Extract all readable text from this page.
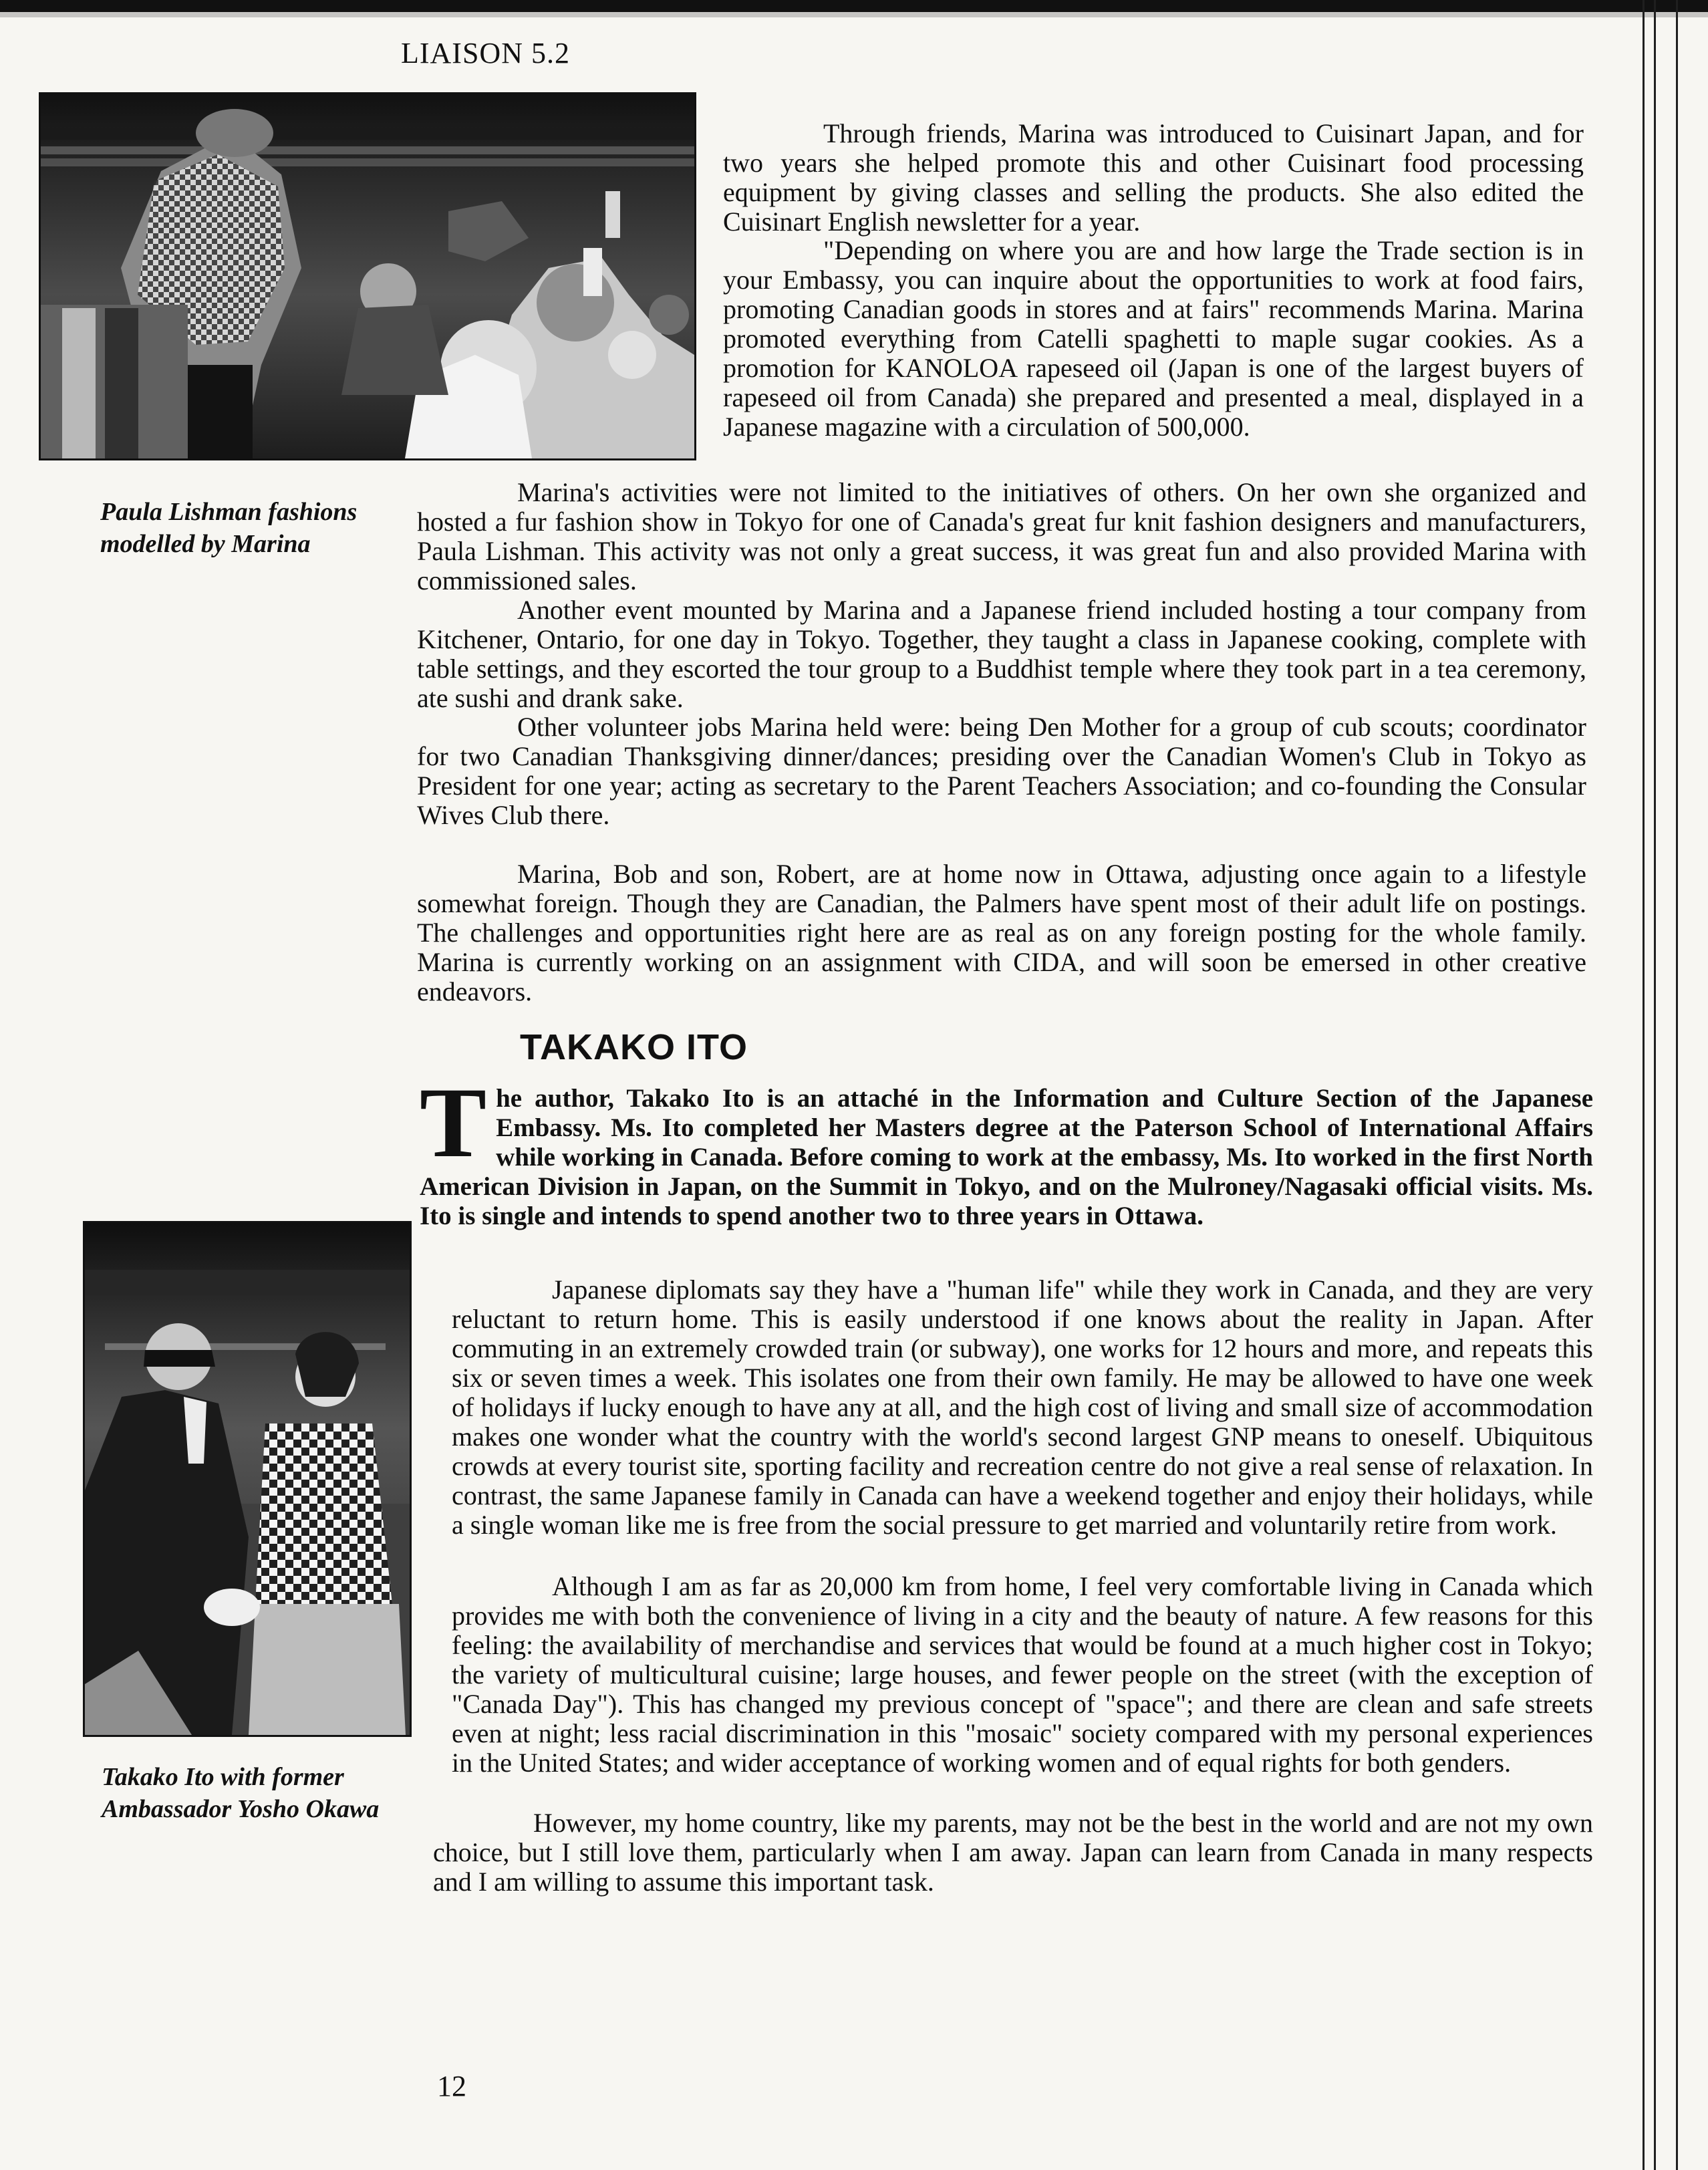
LIAISON 5.2
Paula Lishman fashions modelled by Marina
Through friends, Marina was introduced to Cuisinart Japan, and for two years she helped promote this and other Cuisinart food processing equipment by giving classes and selling the products. She also edited the Cuisinart English newsletter for a year.
"Depending on where you are and how large the Trade section is in your Embassy, you can inquire about the opportunities to work at food fairs, promoting Canadian goods in stores and at fairs" recommends Marina. Marina promoted everything from Catelli spaghetti to maple sugar cookies. As a promotion for KANOLOA rapeseed oil (Japan is one of the largest buyers of rapeseed oil from Canada) she prepared and presented a meal, displayed in a Japanese magazine with a circulation of 500,000.
Marina's activities were not limited to the initiatives of others. On her own she organized and hosted a fur fashion show in Tokyo for one of Canada's great fur knit fashion designers and manufacturers, Paula Lishman. This activity was not only a great success, it was great fun and also provided Marina with commissioned sales.
Another event mounted by Marina and a Japanese friend included hosting a tour company from Kitchener, Ontario, for one day in Tokyo. Together, they taught a class in Japanese cooking, complete with table settings, and they escorted the tour group to a Buddhist temple where they took part in a tea ceremony, ate sushi and drank sake.
Other volunteer jobs Marina held were: being Den Mother for a group of cub scouts; coordinator for two Canadian Thanksgiving dinner/dances; presiding over the Canadian Women's Club in Tokyo as President for one year; acting as secretary to the Parent Teachers Association; and co-founding the Consular Wives Club there.
Marina, Bob and son, Robert, are at home now in Ottawa, adjusting once again to a lifestyle somewhat foreign. Though they are Canadian, the Palmers have spent most of their adult life on postings. The challenges and opportunities right here are as real as on any foreign posting for the whole family. Marina is currently working on an assignment with CIDA, and will soon be emersed in other creative endeavors.
TAKAKO ITO
The author, Takako Ito is an attaché in the Information and Culture Section of the Japanese Embassy. Ms. Ito completed her Masters degree at the Paterson School of International Affairs while working in Canada. Before coming to work at the embassy, Ms. Ito worked in the first North American Division in Japan, on the Summit in Tokyo, and on the Mulroney/Nagasaki official visits. Ms. Ito is single and intends to spend another two to three years in Ottawa.
Japanese diplomats say they have a "human life" while they work in Canada, and they are very reluctant to return home. This is easily understood if one knows about the reality in Japan. After commuting in an extremely crowded train (or subway), one works for 12 hours and more, and repeats this six or seven times a week. This isolates one from their own family. He may be allowed to have one week of holidays if lucky enough to have any at all, and the high cost of living and small size of accommodation makes one wonder what the country with the world's second largest GNP means to oneself. Ubiquitous crowds at every tourist site, sporting facility and recreation centre do not give a real sense of relaxation. In contrast, the same Japanese family in Canada can have a weekend together and enjoy their holidays, while a single woman like me is free from the social pressure to get married and voluntarily retire from work.
Although I am as far as 20,000 km from home, I feel very comfortable living in Canada which provides me with both the convenience of living in a city and the beauty of nature. A few reasons for this feeling: the availability of merchandise and services that would be found at a much higher cost in Tokyo; the variety of multicultural cuisine; large houses, and fewer people on the street (with the exception of "Canada Day"). This has changed my previous concept of "space"; and there are clean and safe streets even at night; less racial discrimination in this "mosaic" society compared with my personal experiences in the United States; and wider acceptance of working women and of equal rights for both genders.
Takako Ito with former Ambassador Yosho Okawa	However, my home country, like my parents, may not be the best in the world and are not my own choice, but I still love them, particularly when I am away. Japan can learn from Canada in many respects and I am willing to assume this important task.
12
